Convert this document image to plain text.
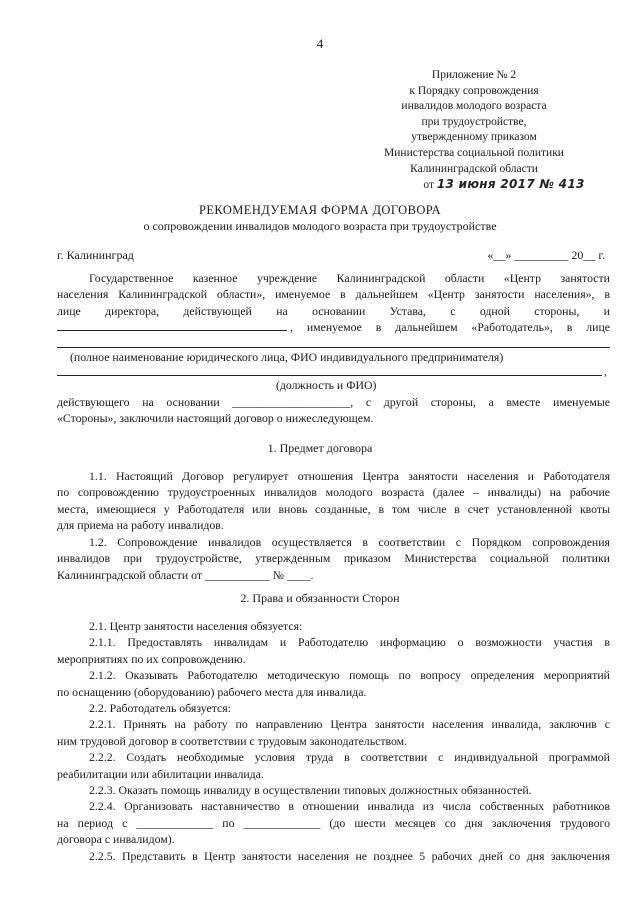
4
Приложение № 2
к Порядку сопровождения
инвалидов молодого возраста
при трудоустройстве,
утвержденному приказом
Министерства социальной политики
Калининградской области
от 13 июня 2017 № 413
РЕКОМЕНДУЕМАЯ ФОРМА ДОГОВОРА
о сопровождении инвалидов молодого возраста при трудоустройстве
г. Калининград	«__» _________ 20__ г.
Государственное казенное учреждение Калининградской области «Центр занятости
населения Калининградской области», именуемое в дальнейшем «Центр занятости населения», в
лице директора, действующей на основании Устава, с одной стороны, и
, именуемое в дальнейшем «Работодатель», в лице
(полное наименование юридического лица, ФИО индивидуального предпринимателя)
,
(должность и ФИО)
действующего на основании ____________________, с другой стороны, а вместе именуемые
«Стороны», заключили настоящий договор о нижеследующем.
1. Предмет договора
1.1. Настоящий Договор регулирует отношения Центра занятости населения и Работодателя
по сопровождению трудоустроенных инвалидов молодого возраста (далее – инвалиды) на рабочие
места, имеющиеся у Работодателя или вновь созданные, в том числе в счет установленной квоты
для приема на работу инвалидов.
1.2. Сопровождение инвалидов осуществляется в соответствии с Порядком сопровождения
инвалидов при трудоустройстве, утвержденным приказом Министерства социальной политики
Калининградской области от ___________ № ____.
2. Права и обязанности Сторон
2.1. Центр занятости населения обязуется:
2.1.1. Предоставлять инвалидам и Работодателю информацию о возможности участия в
мероприятиях по их сопровождению.
2.1.2. Оказывать Работодателю методическую помощь по вопросу определения мероприятий
по оснащению (оборудованию) рабочего места для инвалида.
2.2. Работодатель обязуется:
2.2.1. Принять на работу по направлению Центра занятости населения инвалида, заключив с
ним трудовой договор в соответствии с трудовым законодательством.
2.2.2. Создать необходимые условия труда в соответствии с индивидуальной программой
реабилитации или абилитации инвалида.
2.2.3. Оказать помощь инвалиду в осуществлении типовых должностных обязанностей.
2.2.4. Организовать наставничество в отношении инвалида из числа собственных работников
на период с _____________ по _____________ (до шести месяцев со дня заключения трудового
договора с инвалидом).
2.2.5. Представить в Центр занятости населения не позднее 5 рабочих дней со дня заключения
